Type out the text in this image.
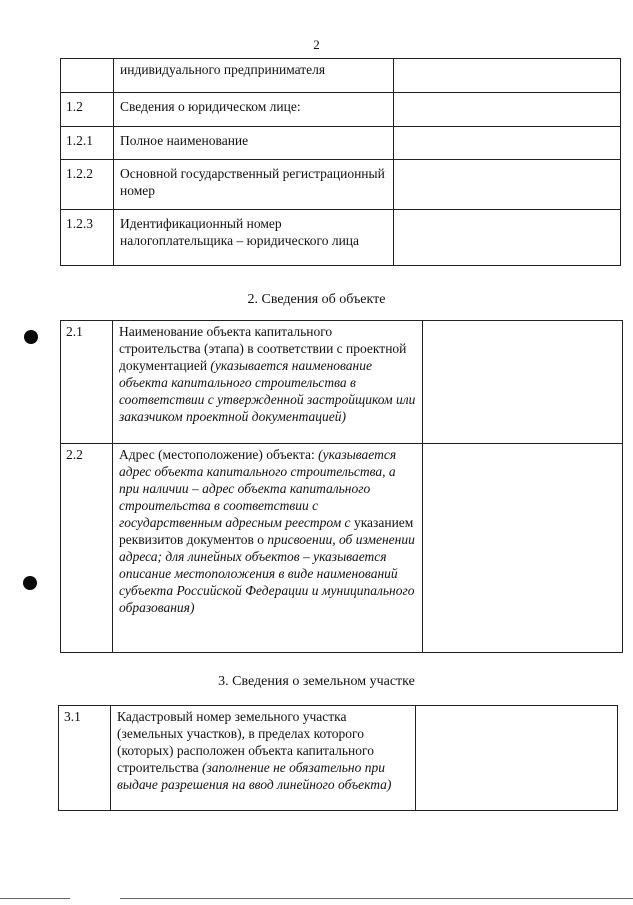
2
	индивидуального предпринимателя	
1.2	Сведения о юридическом лице:	
1.2.1	Полное наименование	
1.2.2	Основной государственный регистрационный номер	
1.2.3	Идентификационный номер налогоплательщика – юридического лица	
2. Сведения об объекте
2.1	Наименование объекта капитального строительства (этапа) в соответствии с проектной документацией (указывается наименование объекта капитального строительства в соответствии с утвержденной застройщиком или заказчиком проектной документацией)	
2.2	Адрес (местоположение) объекта: (указывается адрес объекта капитального строительства, а при наличии – адрес объекта капитального строительства в соответствии с государственным адресным реестром с указанием реквизитов документов о присвоении, об изменении адреса; для линейных объектов – указывается описание местоположения в виде наименований субъекта Российской Федерации и муниципального образования)	
3. Сведения о земельном участке
3.1	Кадастровый номер земельного участка (земельных участков), в пределах которого (которых) расположен объекта капитального строительства (заполнение не обязательно при выдаче разрешения на ввод линейного объекта)	
